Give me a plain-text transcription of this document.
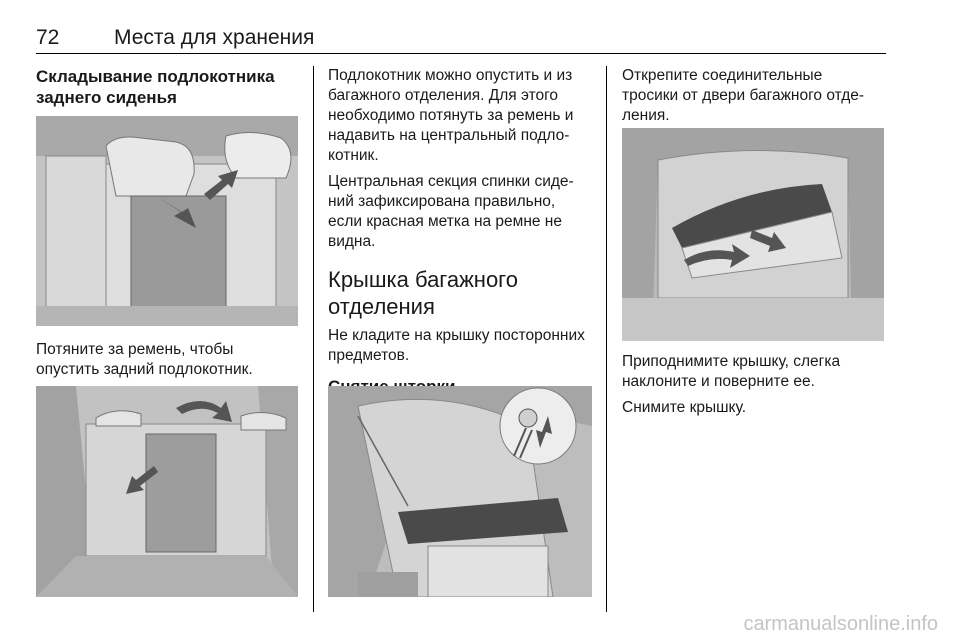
72	Места для хранения
Складывание подлокотника
заднего сиденья
Потяните за ремень, чтобы
опустить задний подлокотник.
Подлокотник можно опустить и из
багажного отделения. Для этого
необходимо потянуть за ремень и
надавить на центральный подло-
котник.
Центральная секция спинки сиде-
ний зафиксирована правильно,
если красная метка на ремне не
видна.
Крышка багажного
отделения
Не кладите на крышку посторонних
предметов.
Открепите соединительные
тросики от двери багажного отде-
ления.
Приподнимите крышку, слегка
наклоните и поверните ее.
Снимите крышку.
carmanualsonline.info
